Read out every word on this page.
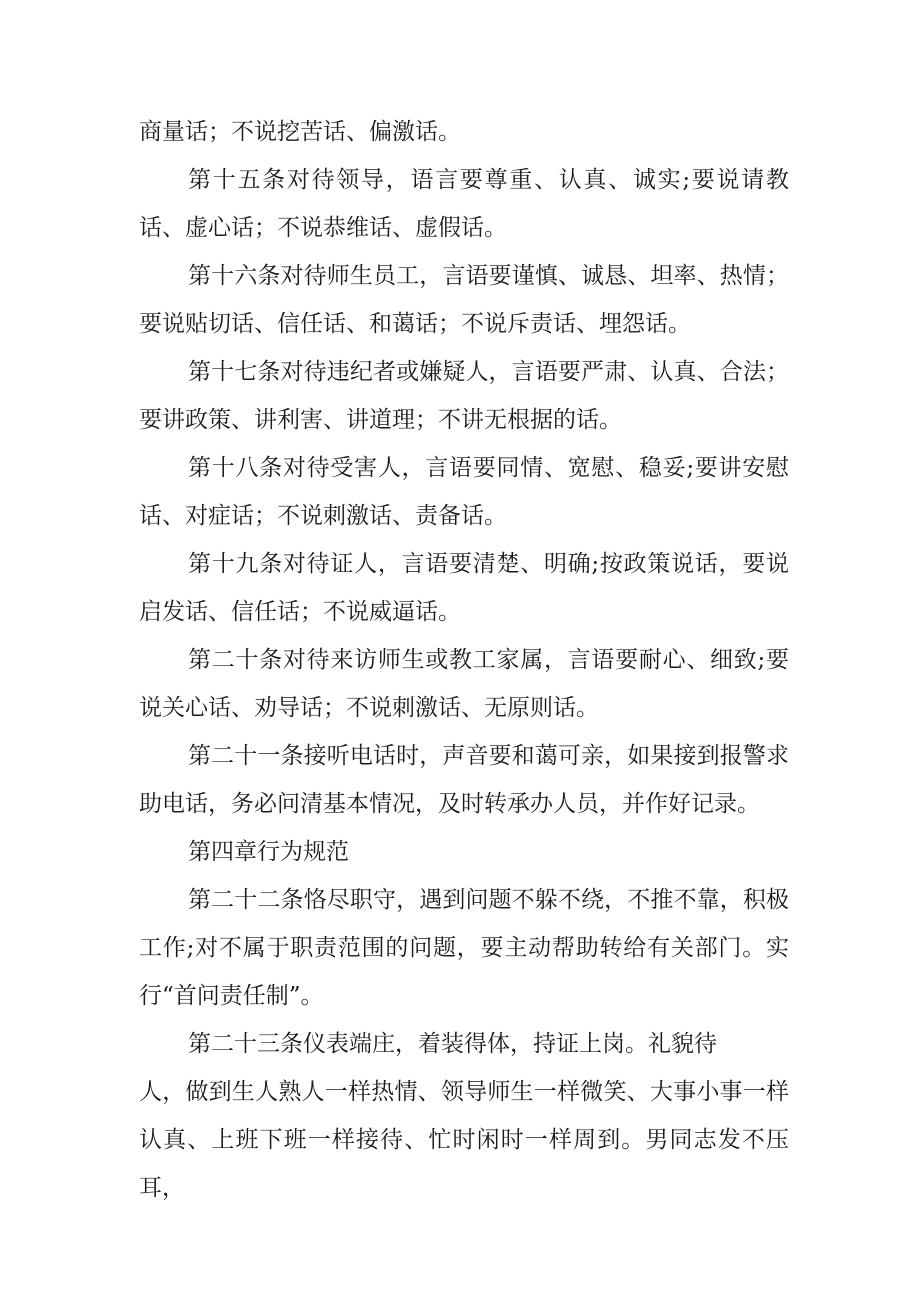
商量话；不说挖苦话、偏激话。

第十五条对待领导，语言要尊重、认真、诚实;要说请教话、虚心话；不说恭维话、虚假话。

第十六条对待师生员工，言语要谨慎、诚恳、坦率、热情；要说贴切话、信任话、和蔼话；不说斥责话、埋怨话。

第十七条对待违纪者或嫌疑人，言语要严肃、认真、合法；要讲政策、讲利害、讲道理；不讲无根据的话。

第十八条对待受害人，言语要同情、宽慰、稳妥;要讲安慰话、对症话；不说刺激话、责备话。

第十九条对待证人，言语要清楚、明确;按政策说话，要说启发话、信任话；不说威逼话。

第二十条对待来访师生或教工家属，言语要耐心、细致;要说关心话、劝导话；不说刺激话、无原则话。

第二十一条接听电话时，声音要和蔼可亲，如果接到报警求助电话，务必问清基本情况，及时转承办人员，并作好记录。

第四章行为规范

第二十二条恪尽职守，遇到问题不躲不绕，不推不靠，积极工作;对不属于职责范围的问题，要主动帮助转给有关部门。实行“首问责任制”。

第二十三条仪表端庄，着装得体，持证上岗。礼貌待
人，做到生人熟人一样热情、领导师生一样微笑、大事小事一样认真、上班下班一样接待、忙时闲时一样周到。男同志发不压耳，
